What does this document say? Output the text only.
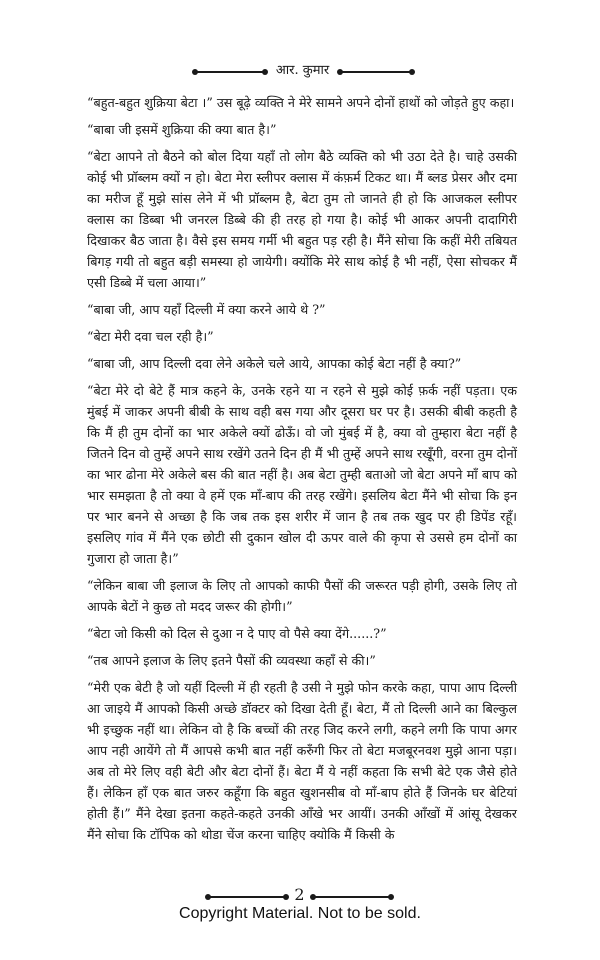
आर. कुमार

“बहुत-बहुत शुक्रिया बेटा ।” उस बूढ़े व्यक्ति ने मेरे सामने अपने दोनों हाथों को जोड़ते हुए कहा।

“बाबा जी इसमें शुक्रिया की क्या बात है।”

“बेटा आपने तो बैठने को बोल दिया यहाँ तो लोग बैठे व्यक्ति को भी उठा देते है। चाहे उसकी कोई भी प्रॉब्लम क्यों न हो। बेटा मेरा स्लीपर क्लास में कंफ़र्म टिकट था। मैं ब्लड प्रेसर और दमा का मरीज हूँ मुझे सांस लेने में भी प्रॉब्लम है, बेटा तुम तो जानते ही हो कि आजकल स्लीपर क्लास का डिब्बा भी जनरल डिब्बे की ही तरह हो गया है। कोई भी आकर अपनी दादागिरी दिखाकर बैठ जाता है। वैसे इस समय गर्मी भी बहुत पड़ रही है। मैंने सोचा कि कहीं मेरी तबियत बिगड़ गयी तो बहुत बड़ी समस्या हो जायेगी। क्योंकि मेरे साथ कोई है भी नहीं, ऐसा सोचकर मैं एसी डिब्बे में चला आया।”

“बाबा जी, आप यहाँ दिल्ली में क्या करने आये थे ?”

“बेटा मेरी दवा चल रही है।”

“बाबा जी, आप दिल्ली दवा लेने अकेले चले आये, आपका कोई बेटा नहीं है क्या?”

“बेटा मेरे दो बेटे हैं मात्र कहने के, उनके रहने या न रहने से मुझे कोई फ़र्क नहीं पड़ता। एक मुंबई में जाकर अपनी बीबी के साथ वही बस गया और दूसरा घर पर है। उसकी बीबी कहती है कि मैं ही तुम दोनों का भार अकेले क्यों ढोऊँ। वो जो मुंबई में है, क्या वो तुम्हारा बेटा नहीं है जितने दिन वो तुम्हें अपने साथ रखेंगे उतने दिन ही मैं भी तुम्हें अपने साथ रखूँगी, वरना तुम दोनों का भार ढोना मेरे अकेले बस की बात नहीं है। अब बेटा तुम्ही बताओ जो बेटा अपने माँ बाप को भार समझता है तो क्या वे हमें एक माँ-बाप की तरह रखेंगे। इसलिय बेटा मैंने भी सोचा कि इन पर भार बनने से अच्छा है कि जब तक इस शरीर में जान है तब तक खुद पर ही डिपेंड रहूँ। इसलिए गांव में मैंने एक छोटी सी दुकान खोल दी ऊपर वाले की कृपा से उससे हम दोनों का गुजारा हो जाता है।”

“लेकिन बाबा जी इलाज के लिए तो आपको काफी पैसों की जरूरत पड़ी होगी, उसके लिए तो आपके बेटों ने कुछ तो मदद जरूर की होगी।”

“बेटा जो किसी को दिल से दुआ न दे पाए वो पैसे क्या देंगे......?”

“तब आपने इलाज के लिए इतने पैसों की व्यवस्था कहाँ से की।”

“मेरी एक बेटी है जो यहीं दिल्ली में ही रहती है उसी ने मुझे फोन करके कहा, पापा आप दिल्ली आ जाइये मैं आपको किसी अच्छे डॉक्टर को दिखा देती हूँ। बेटा, मैं तो दिल्ली आने का बिल्कुल भी इच्छुक नहीं था। लेकिन वो है कि बच्चों की तरह जिद करने लगी, कहने लगी कि पापा अगर आप नही आयेंगे तो मैं आपसे कभी बात नहीं करुँगी फिर तो बेटा मजबूरनवश मुझे आना पड़ा। अब तो मेरे लिए वही बेटी और बेटा दोनों हैं। बेटा मैं ये नहीं कहता कि सभी बेटे एक जैसे होते हैं। लेकिन हाँ एक बात जरुर कहूँगा कि बहुत खुशनसीब वो माँ-बाप होते हैं जिनके घर बेटियां होती हैं।” मैंने देखा इतना कहते-कहते उनकी आँखे भर आयीं। उनकी आँखों में आंसू देखकर मैंने सोचा कि टॉपिक को थोडा चेंज करना चाहिए क्योकि मैं किसी के

2
Copyright Material. Not to be sold.
